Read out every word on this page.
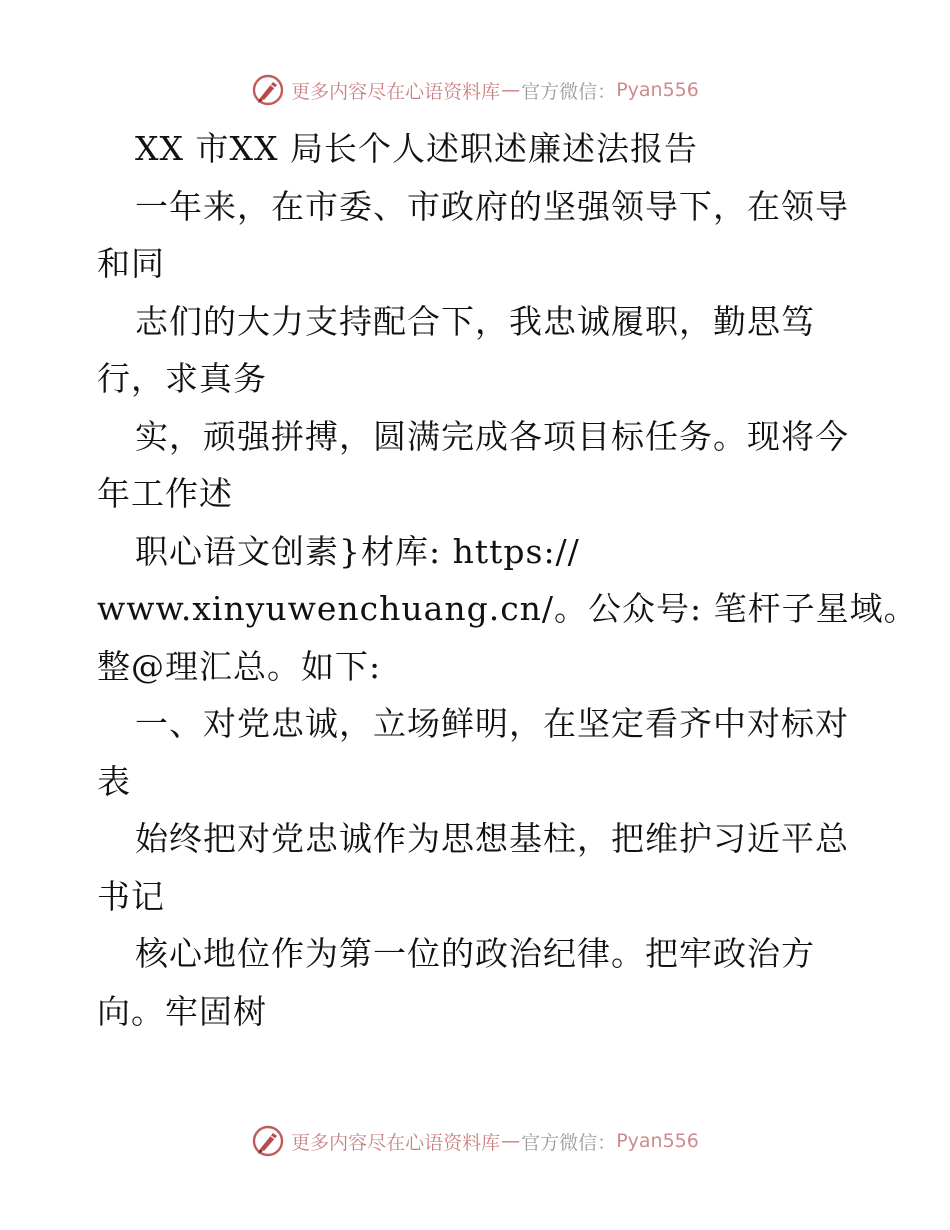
更多内容尽在心语资料库 — 官方微信： Pyan556
XX 市XX 局长个人述职述廉述法报告
一年来，在市委、市政府的坚强领导下，在领导
和同
志们的大力支持配合下，我忠诚履职，勤思笃
行，求真务
实，顽强拼搏，圆满完成各项目标任务。现将今
年工作述
职心语文创素}材库: https://
www.xinyuwenchuang.cn/。公众号: 笔杆子星域。
整@理汇总。如下:
一、对党忠诚，立场鲜明，在坚定看齐中对标对
表
始终把对党忠诚作为思想基柱，把维护习近平总
书记
核心地位作为第一位的政治纪律。把牢政治方
向。牢固树
更多内容尽在心语资料库 — 官方微信： Pyan556
